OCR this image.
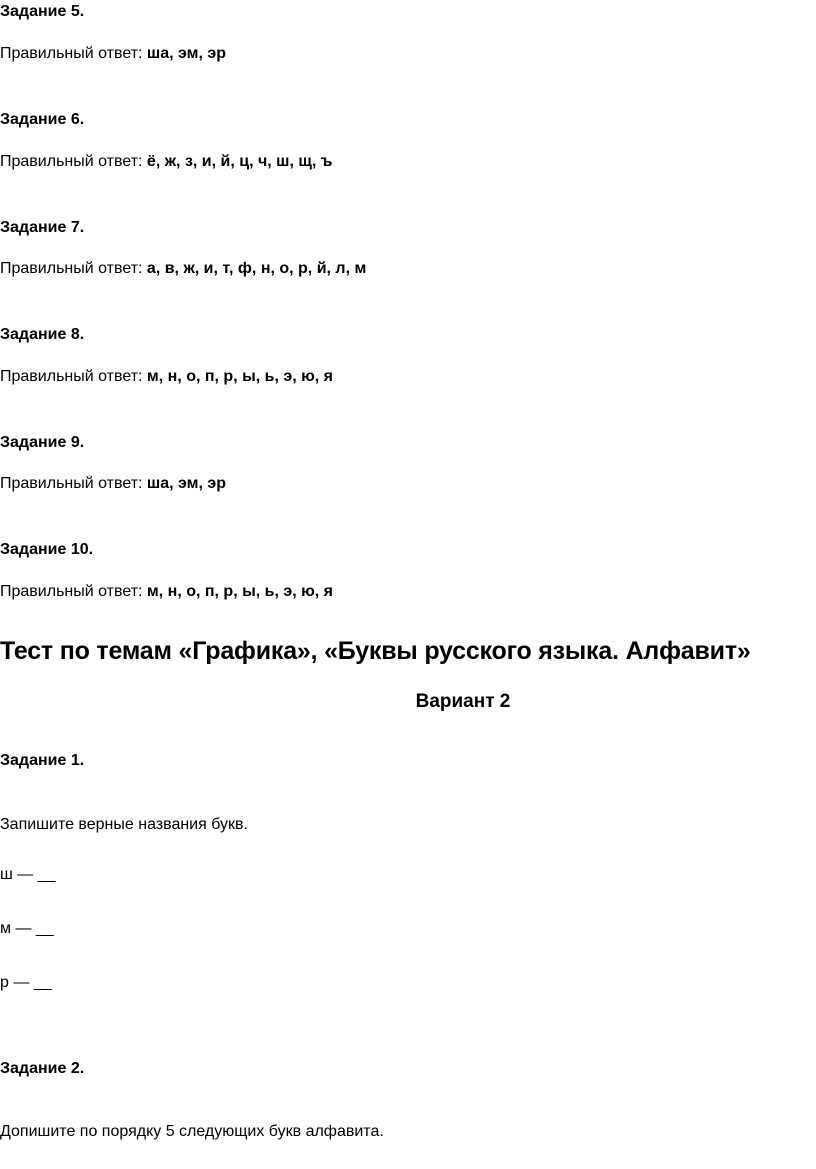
Задание 5.
Правильный ответ: ша, эм, эр
Задание 6.
Правильный ответ: ё, ж, з, и, й, ц, ч, ш, щ, ъ
Задание 7.
Правильный ответ: а, в, ж, и, т, ф, н, о, р, й, л, м
Задание 8.
Правильный ответ: м, н, о, п, р, ы, ь, э, ю, я
Задание 9.
Правильный ответ: ша, эм, эр
Задание 10.
Правильный ответ: м, н, о, п, р, ы, ь, э, ю, я
Тест по темам «Графика», «Буквы русского языка. Алфавит»
Вариант 2
Задание 1.
Запишите верные названия букв.
ш — __
м — __
р — __
Задание 2.
Допишите по порядку 5 следующих букв алфавита.
